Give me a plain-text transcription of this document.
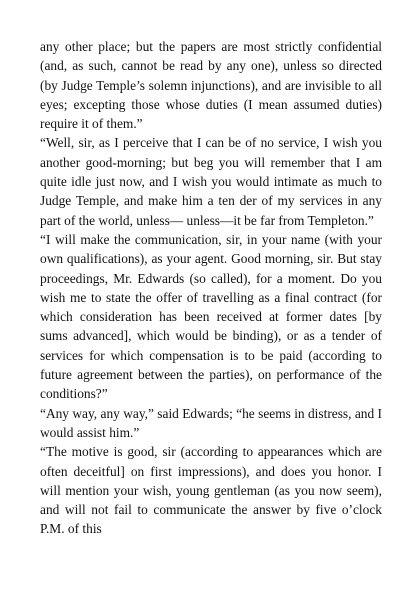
any other place; but the papers are most strictly confidential (and, as such, cannot be read by any one), unless so directed (by Judge Temple’s solemn injunctions), and are invisible to all eyes; excepting those whose duties (I mean assumed duties) require it of them.”

“Well, sir, as I perceive that I can be of no service, I wish you another good-morning; but beg you will remember that I am quite idle just now, and I wish you would intimate as much to Judge Temple, and make him a ten der of my services in any part of the world, unless— unless—it be far from Templeton.”

“I will make the communication, sir, in your name (with your own qualifications), as your agent. Good morning, sir. But stay proceedings, Mr. Edwards (so called), for a moment. Do you wish me to state the offer of travelling as a final contract (for which consideration has been received at former dates [by sums advanced], which would be binding), or as a tender of services for which compensation is to be paid (according to future agreement between the parties), on performance of the conditions?”

“Any way, any way,” said Edwards; “he seems in distress, and I would assist him.”

“The motive is good, sir (according to appearances which are often deceitful] on first impressions), and does you honor. I will mention your wish, young gentleman (as you now seem), and will not fail to communicate the answer by five o’clock P.M. of this
